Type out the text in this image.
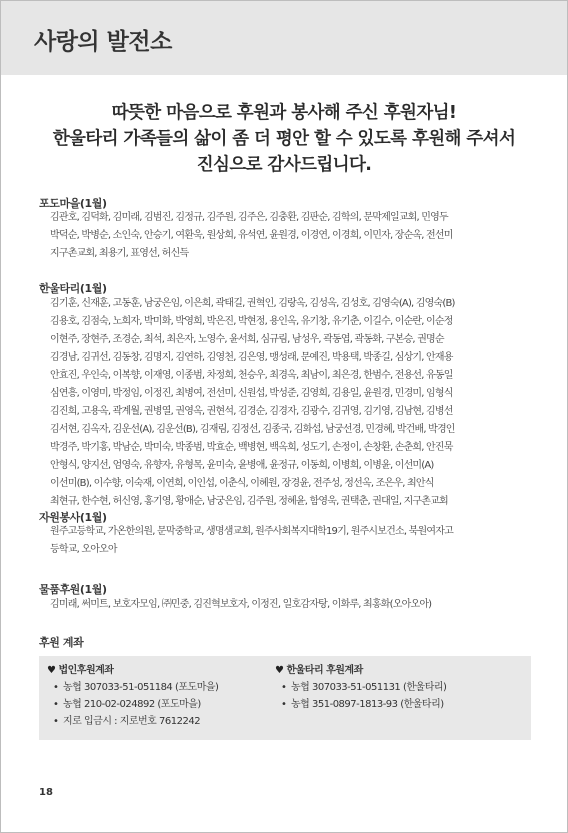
사랑의 발전소
따뜻한 마음으로 후원과 봉사해 주신 후원자님!
한울타리 가족들의 삶이 좀 더 평안 할 수 있도록 후원해 주셔서
진심으로 감사드립니다.
포도마을(1월)
김관호, 김덕화, 김미래, 김범진, 김정규, 김주원, 김주은, 김충환, 김판순, 김학의, 문막제일교회, 민영두
박덕순, 박병순, 소인숙, 안승기, 여환욱, 원상희, 유석연, 윤원경, 이경연, 이경희, 이민자, 장순옥, 전선미
지구촌교회, 최용기, 표영선, 허신득
한울타리(1월)
김기훈, 신재훈, 고동훈, 남궁은임, 이은희, 곽태길, 권혁인, 김랑옥, 김성옥, 김성호, 김영숙(A), 김영숙(B)
김용호, 김점숙, 노희자, 박미화, 박영희, 박은진, 박현정, 용인옥, 유기창, 유기춘, 이길수, 이순란, 이순정
이현주, 장현주, 조경순, 최석, 최은자, 노영수, 윤서희, 심규림, 남성우, 곽동엽, 곽동화, 구본승, 권명순
김경남, 김귀선, 김동창, 김명지, 김연하, 김영천, 김은영, 맹성래, 문예진, 박용택, 박종길, 심상기, 안재용
안효진, 우인숙, 이복향, 이재영, 이종범, 차정희, 천승우, 최경옥, 최남이, 최은경, 한범수, 전용선, 유동일
심연흥, 이영미, 박정임, 이정진, 최병여, 전선미, 신원섭, 박성준, 김영희, 김용일, 윤원경, 민경미, 임형식
김진희, 고용옥, 곽계월, 권병열, 권영옥, 권현석, 김경순, 김경자, 김광수, 김귀영, 김기영, 김남현, 김병선
김서현, 김옥자, 김운선(A), 김운선(B), 김재림, 김정선, 김종국, 김화섭, 남궁선경, 민경혜, 박건배, 박경인
박경주, 박기홍, 박남순, 박미숙, 박종범, 박효순, 백병현, 백옥희, 성도기, 손정이, 손창환, 손춘희, 안진묵
안형식, 양지선, 엄영숙, 유향자, 유형목, 윤미숙, 윤병애, 윤정규, 이동희, 이병희, 이병윤, 이선미(A)
이선미(B), 이수향, 이숙재, 이연희, 이인섭, 이춘식, 이혜원, 장경윤, 전주성, 정선옥, 조은우, 최안식
최현규, 한수현, 허신영, 홍기영, 황애순, 남궁은임, 김주원, 정혜윤, 함영욱, 권택춘, 권대일, 지구촌교회
자원봉사(1월)
원주고등학교, 가온한의원, 문막중학교, 생명샘교회, 원주사회복지대학19기, 원주시보건소, 북원여자고
등학교, 오아오아
물품후원(1월)
김미래, 써미트, 보호자모임, ㈜민중, 김진혁보호자, 이정진, 일호감자탕, 이화루, 최홍화(오아오아)
후원 계좌
♥ 법인후원계좌
• 농협 307033-51-051184 (포도마을)
• 농협 210-02-024892 (포도마을)
• 지로 입금시 : 지로번호 7612242
♥ 한울타리 후원계좌
• 농협 307033-51-051131 (한울타리)
• 농협 351-0897-1813-93 (한울타리)
18
